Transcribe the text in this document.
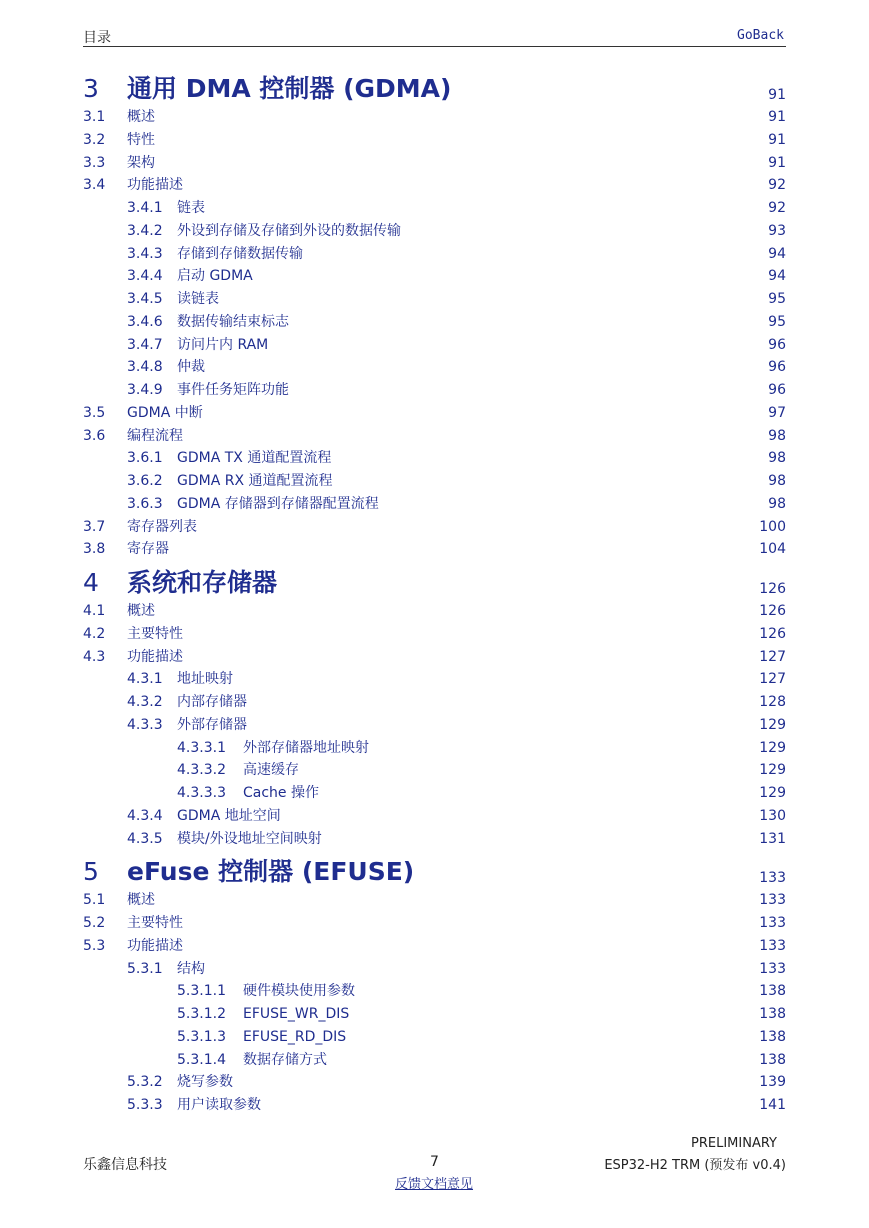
目录	GoBack
3 通用 DMA 控制器 (GDMA)	91
3.1 概述	91
3.2 特性	91
3.3 架构	91
3.4 功能描述	92
3.4.1 链表	92
3.4.2 外设到存储及存储到外设的数据传输	93
3.4.3 存储到存储数据传输	94
3.4.4 启动 GDMA	94
3.4.5 读链表	95
3.4.6 数据传输结束标志	95
3.4.7 访问片内 RAM	96
3.4.8 仲裁	96
3.4.9 事件任务矩阵功能	96
3.5 GDMA 中断	97
3.6 编程流程	98
3.6.1 GDMA TX 通道配置流程	98
3.6.2 GDMA RX 通道配置流程	98
3.6.3 GDMA 存储器到存储器配置流程	98
3.7 寄存器列表	100
3.8 寄存器	104
4 系统和存储器	126
4.1 概述	126
4.2 主要特性	126
4.3 功能描述	127
4.3.1 地址映射	127
4.3.2 内部存储器	128
4.3.3 外部存储器	129
4.3.3.1 外部存储器地址映射	129
4.3.3.2 高速缓存	129
4.3.3.3 Cache 操作	129
4.3.4 GDMA 地址空间	130
4.3.5 模块/外设地址空间映射	131
5 eFuse 控制器 (EFUSE)	133
5.1 概述	133
5.2 主要特性	133
5.3 功能描述	133
5.3.1 结构	133
5.3.1.1 硬件模块使用参数	138
5.3.1.2 EFUSE_WR_DIS	138
5.3.1.3 EFUSE_RD_DIS	138
5.3.1.4 数据存储方式	138
5.3.2 烧写参数	139
5.3.3 用户读取参数	141
PRELIMINARY
乐鑫信息科技	7	ESP32-H2 TRM (预发布 v0.4)
反馈文档意见
